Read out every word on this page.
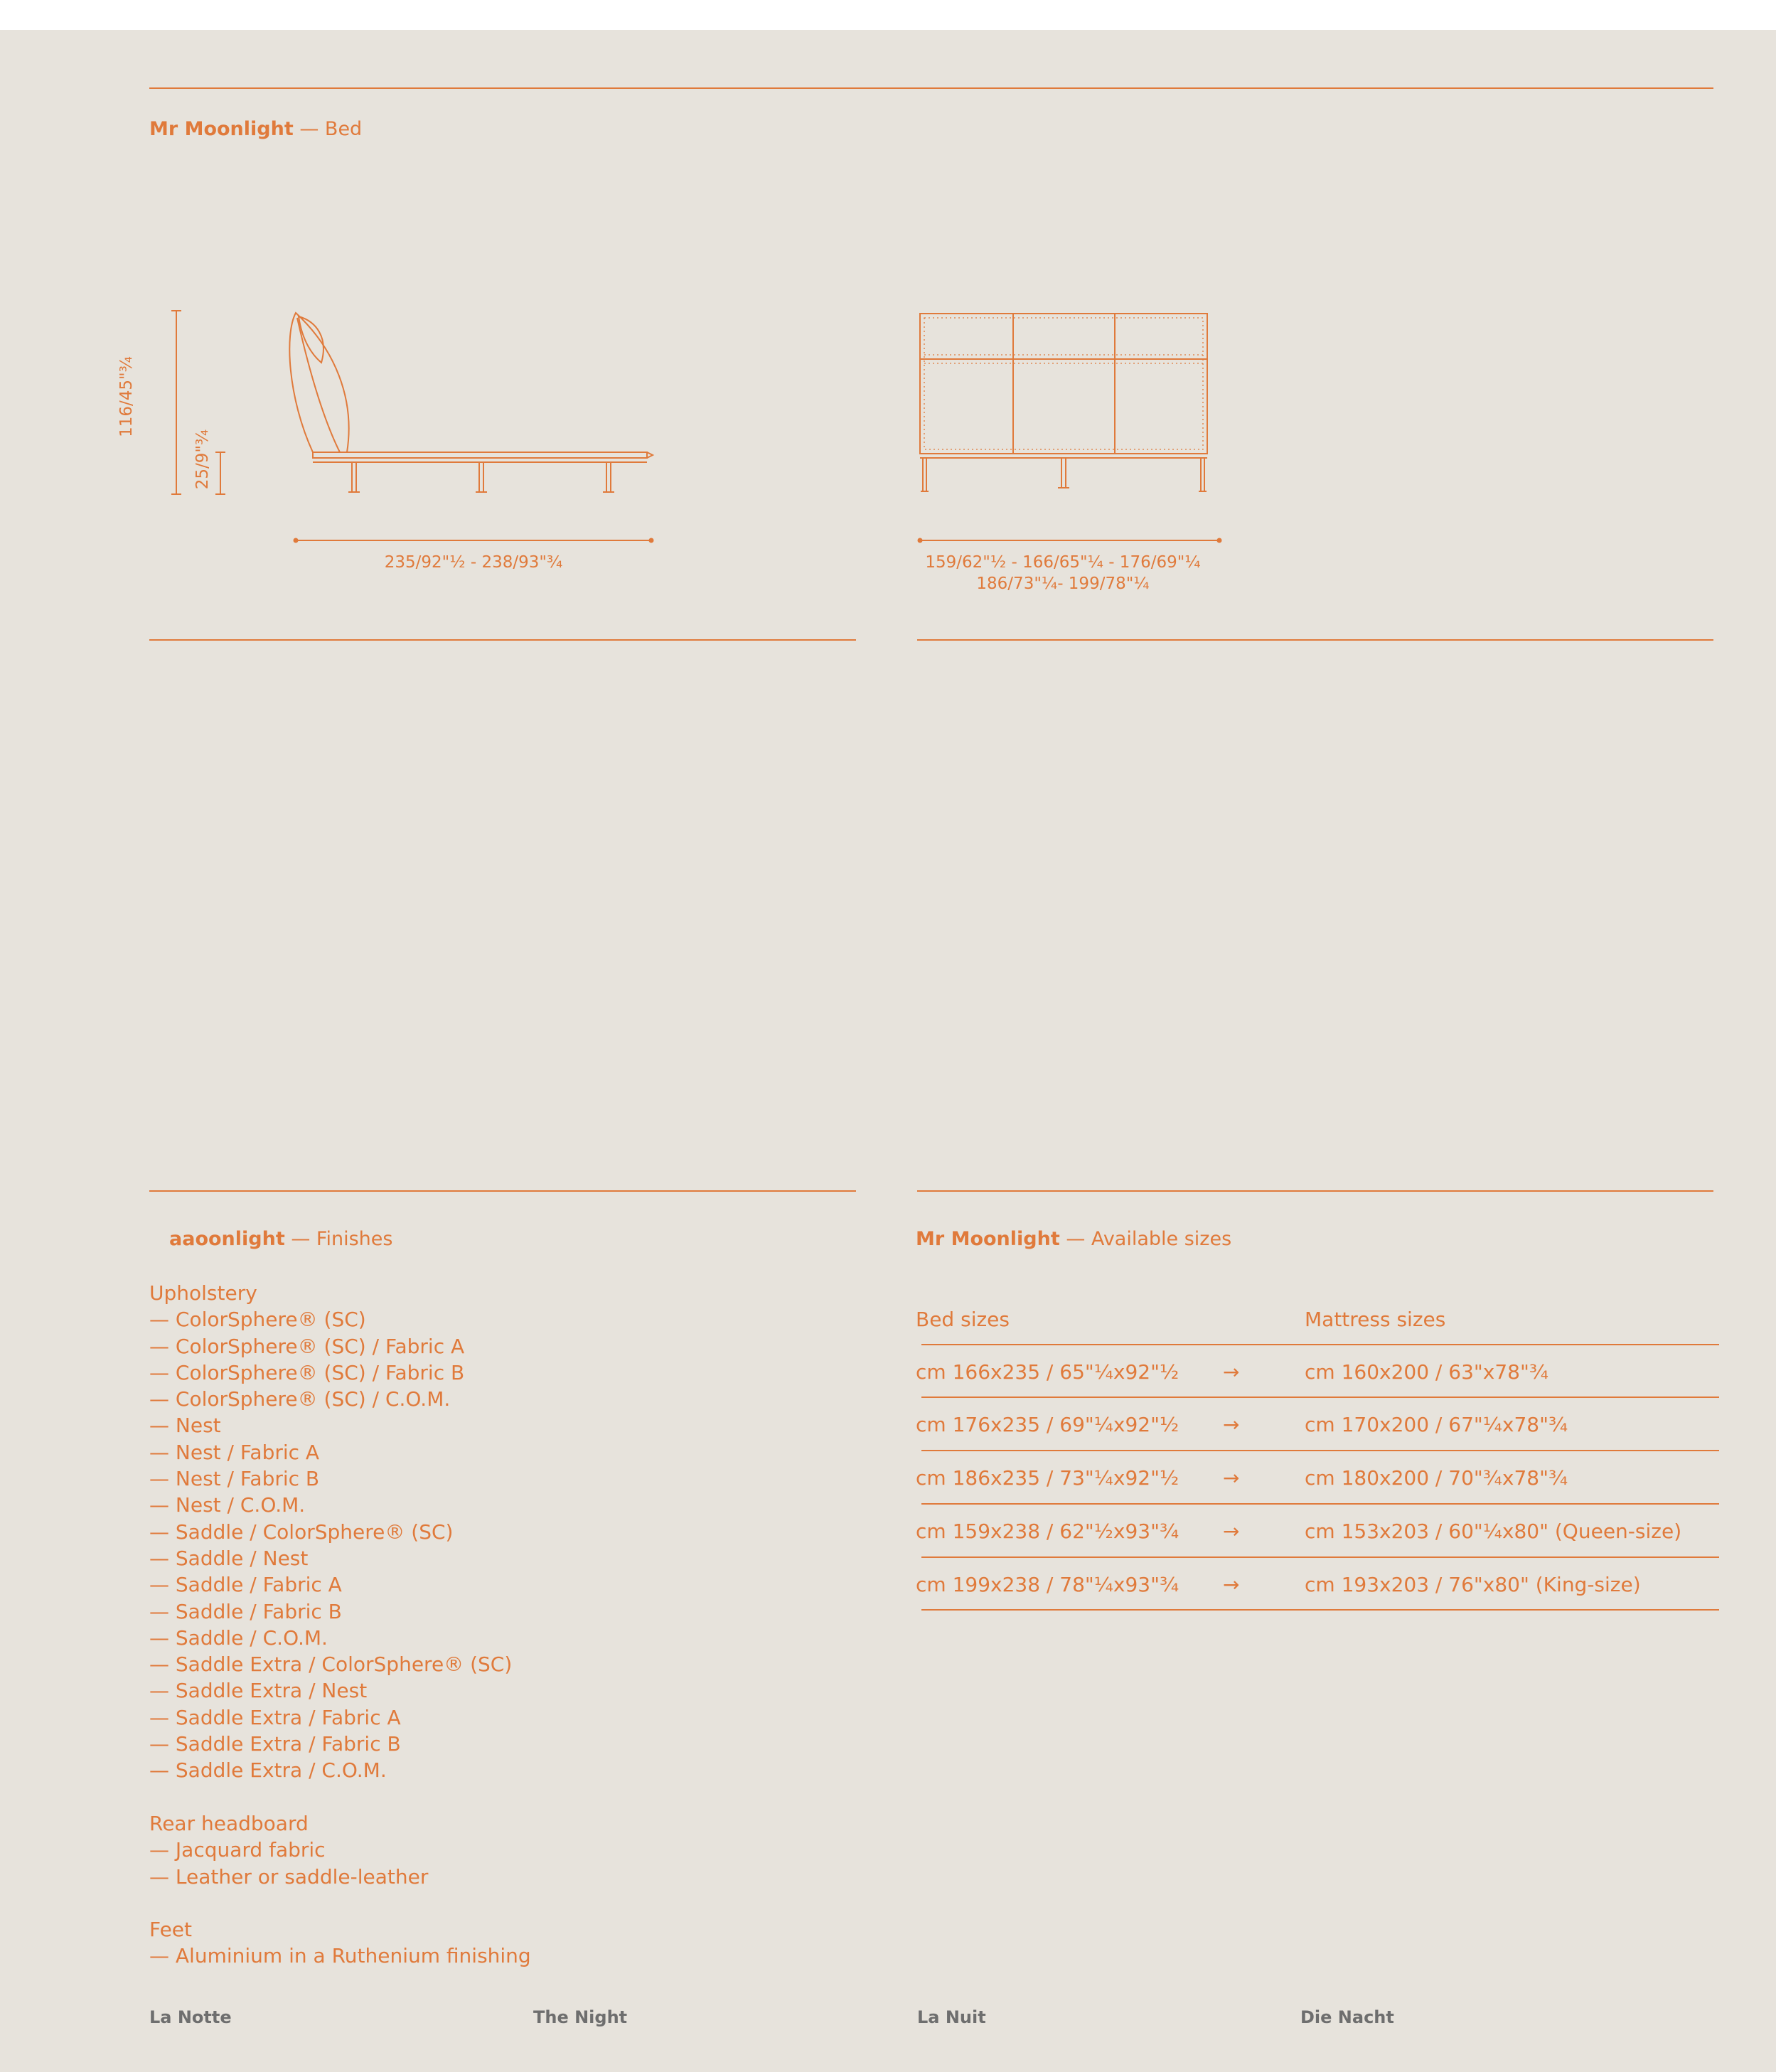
Mr Moonlight — Bed
116/45"¾
25/9"¾
235/92"½ - 238/93"¾	159/62"½ - 166/65"¼ - 176/69"¼
186/73"¼- 199/78"¼
aaoonlight — Finishes
Upholstery
— ColorSphere® (SC)
— ColorSphere® (SC) / Fabric A
— ColorSphere® (SC) / Fabric B
— ColorSphere® (SC) / C.O.M.
— Nest
— Nest / Fabric A
— Nest / Fabric B
— Nest / C.O.M.
— Saddle / ColorSphere® (SC)
— Saddle / Nest
— Saddle / Fabric A
— Saddle / Fabric B
— Saddle / C.O.M.
— Saddle Extra / ColorSphere® (SC)
— Saddle Extra / Nest
— Saddle Extra / Fabric A
— Saddle Extra / Fabric B
— Saddle Extra / C.O.M.
Rear headboard
— Jacquard fabric
— Leather or saddle-leather
Feet
— Aluminium in a Ruthenium finishing
Mr Moonlight — Available sizes
Bed sizes	Mattress sizes
cm 166x235 / 65"¼x92"½ →	cm 160x200 / 63"x78"¾
cm 176x235 / 69"¼x92"½ →	cm 170x200 / 67"¼x78"¾
cm 186x235 / 73"¼x92"½ →	cm 180x200 / 70"¾x78"¾
cm 159x238 / 62"½x93"¾ →	cm 153x203 / 60"¼x80" (Queen-size)
cm 199x238 / 78"¼x93"¾ →	cm 193x203 / 76"x80" (King-size)
La Notte	The Night	La Nuit	Die Nacht
